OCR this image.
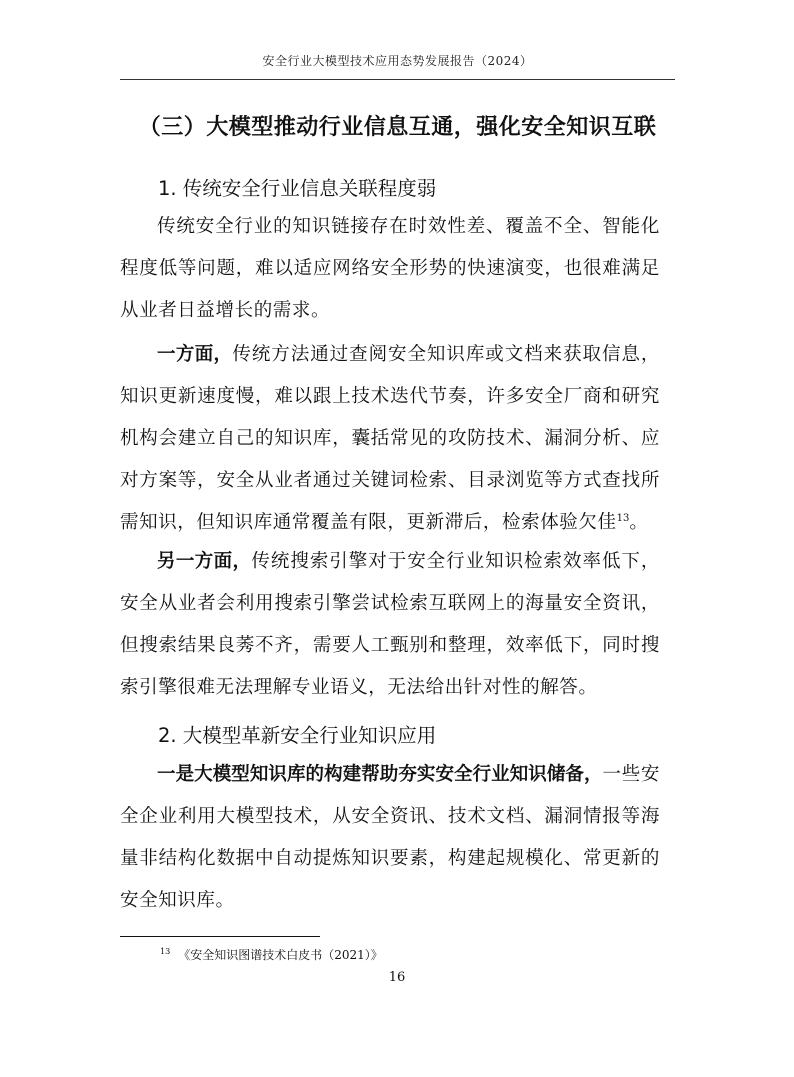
安全行业大模型技术应用态势发展报告（2024）
（三）大模型推动行业信息互通，强化安全知识互联
1. 传统安全行业信息关联程度弱

传统安全行业的知识链接存在时效性差、覆盖不全、智能化程度低等问题，难以适应网络安全形势的快速演变，也很难满足从业者日益增长的需求。

一方面，传统方法通过查阅安全知识库或文档来获取信息，知识更新速度慢，难以跟上技术迭代节奏，许多安全厂商和研究机构会建立自己的知识库，囊括常见的攻防技术、漏洞分析、应对方案等，安全从业者通过关键词检索、目录浏览等方式查找所需知识，但知识库通常覆盖有限，更新滞后，检索体验欠佳$^{13}$。

另一方面，传统搜索引擎对于安全行业知识检索效率低下，安全从业者会利用搜索引擎尝试检索互联网上的海量安全资讯，但搜索结果良莠不齐，需要人工甄别和整理，效率低下，同时搜索引擎很难无法理解专业语义，无法给出针对性的解答。

2. 大模型革新安全行业知识应用

一是大模型知识库的构建帮助夯实安全行业知识储备，一些安全企业利用大模型技术，从安全资讯、技术文档、漏洞情报等海量非结构化数据中自动提炼知识要素，构建起规模化、常更新的安全知识库。

$^{13}$ 《安全知识图谱技术白皮书（2021）》
16
